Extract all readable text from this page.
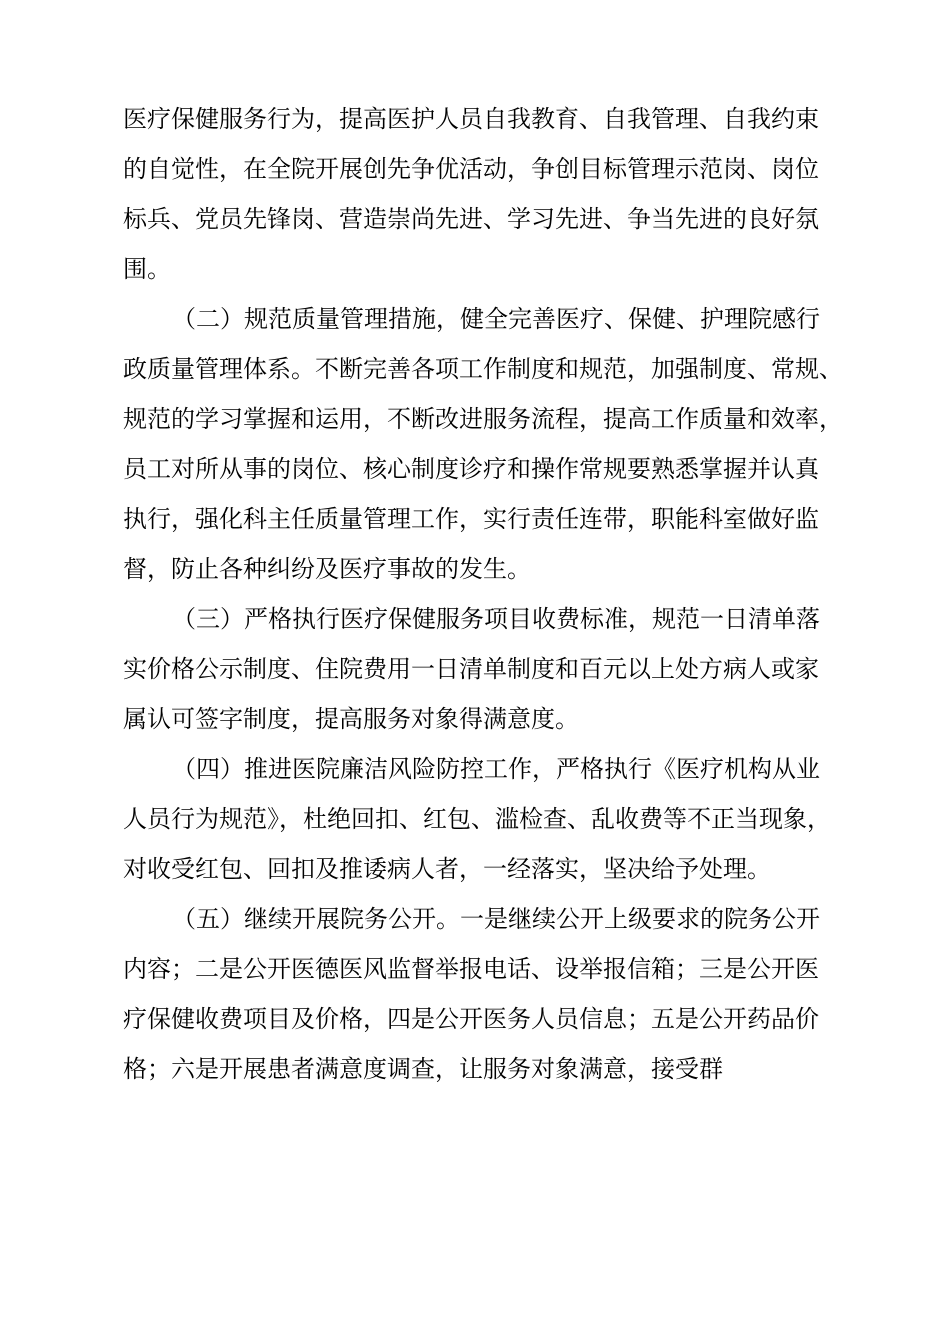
医疗保健服务行为，提高医护人员自我教育、自我管理、自我约束
的自觉性，在全院开展创先争优活动，争创目标管理示范岗、岗位
标兵、党员先锋岗、营造崇尚先进、学习先进、争当先进的良好氛
围。
（二）规范质量管理措施，健全完善医疗、保健、护理院感行
政质量管理体系。不断完善各项工作制度和规范，加强制度、常规、
规范的学习掌握和运用，不断改进服务流程，提高工作质量和效率，
员工对所从事的岗位、核心制度诊疗和操作常规要熟悉掌握并认真
执行，强化科主任质量管理工作，实行责任连带，职能科室做好监
督，防止各种纠纷及医疗事故的发生。
（三）严格执行医疗保健服务项目收费标准，规范一日清单落
实价格公示制度、住院费用一日清单制度和百元以上处方病人或家
属认可签字制度，提高服务对象得满意度。
（四）推进医院廉洁风险防控工作，严格执行《医疗机构从业
人员行为规范》，杜绝回扣、红包、滥检查、乱收费等不正当现象，
对收受红包、回扣及推诿病人者，一经落实，坚决给予处理。
（五）继续开展院务公开。一是继续公开上级要求的院务公开
内容；二是公开医德医风监督举报电话、设举报信箱；三是公开医
疗保健收费项目及价格，四是公开医务人员信息；五是公开药品价
格；六是开展患者满意度调查，让服务对象满意，接受群
